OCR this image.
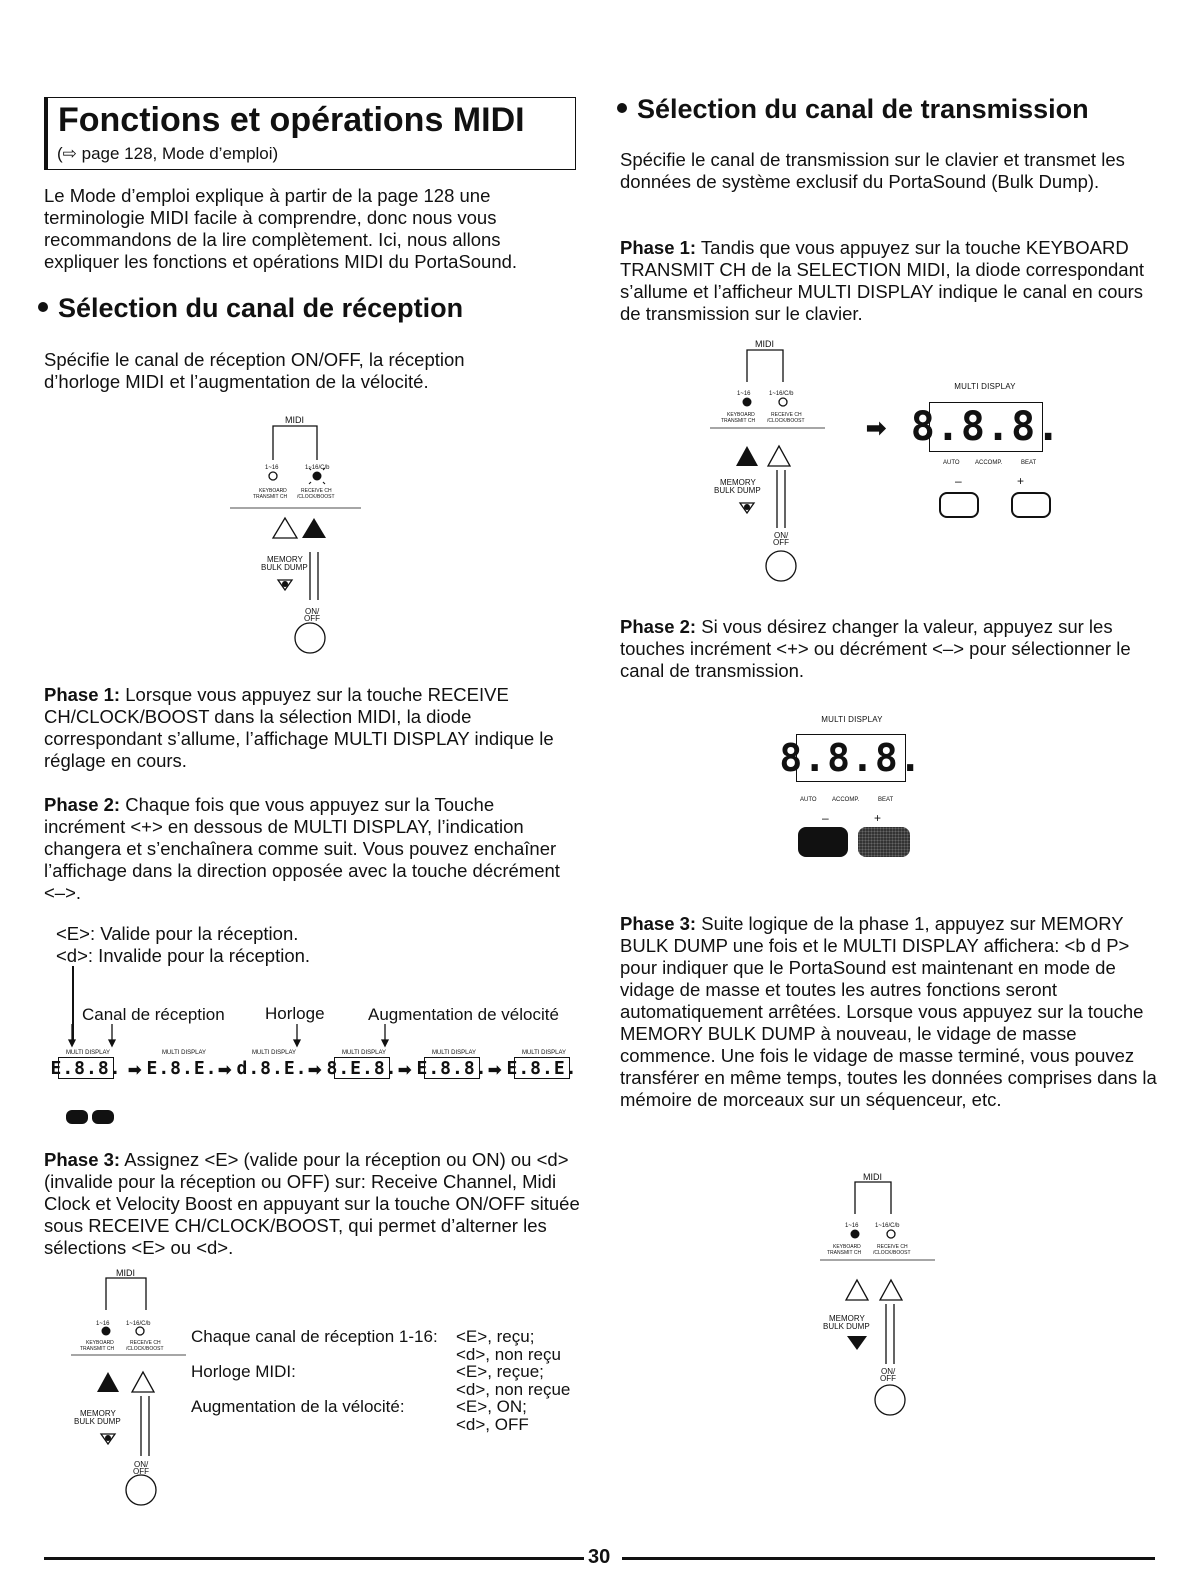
Fonctions et opérations MIDI
(⇨ page 128, Mode d’emploi)
Le Mode d’emploi explique à partir de la page 128 une terminologie MIDI facile à comprendre, donc nous vous recommandons de la lire complètement. Ici, nous allons expliquer les fonctions et opérations MIDI du PortaSound.
Sélection du canal de réception
Spécifie le canal de réception ON/OFF, la réception d’horloge MIDI et l’augmentation de la vélocité.
MIDI
1~16	1~16/C/b
KEYBOARD
TRANSMIT CH
RECEIVE CH
/CLOCK/BOOST
MEMORY
BULK DUMP
ON/
OFF
Phase 1: Lorsque vous appuyez sur la touche RECEIVE CH/CLOCK/BOOST dans la sélection MIDI, la diode correspondant s’allume, l’affichage MULTI DISPLAY indique le réglage en cours.
Phase 2: Chaque fois que vous appuyez sur la Touche incrément <+> en dessous de MULTI DISPLAY, l’indication changera et s’enchaînera comme suit. Vous pouvez enchaîner l’affichage dans la direction opposée avec la touche décrément <–>.
<E>: Valide pour la réception.
<d>: Invalide pour la réception.
Canal de réception Horloge	Augmentation de vélocité
MULTI DISPLAY
E.8.8. ➡
MULTI DISPLAY
E.8.E. ➡
MULTI DISPLAY
d.8.E. ➡
MULTI DISPLAY
8.E.8. ➡
MULTI DISPLAY
E.8.8. ➡
MULTI DISPLAY
E.8.E.
Phase 3: Assignez <E> (valide pour la réception ou ON) ou <d> (invalide pour la réception ou OFF) sur: Receive Channel, Midi Clock et Velocity Boost en appuyant sur la touche ON/OFF située sous RECEIVE CH/CLOCK/BOOST, qui permet d’alterner les sélections <E> ou <d>.
MIDI
1~16	1~16/C/b
KEYBOARD
TRANSMIT CH
RECEIVE CH
/CLOCK/BOOST
MEMORY
BULK DUMP
ON/
OFF
Chaque canal de réception 1-16: <E>, reçu;
<d>, non reçu
Horloge MIDI:	<E>, reçue;
<d>, non reçue
Augmentation de la vélocité:	<E>, ON;
<d>, OFF
Sélection du canal de transmission
Spécifie le canal de transmission sur le clavier et transmet les données de système exclusif du PortaSound (Bulk Dump).
Phase 1: Tandis que vous appuyez sur la touche KEYBOARD TRANSMIT CH de la SELECTION MIDI, la diode correspondant s’allume et l’afficheur MULTI DISPLAY indique le canal en cours de transmission sur le clavier.
MIDI
1~16	1~16/C/b
KEYBOARD
TRANSMIT CH
RECEIVE CH
/CLOCK/BOOST
MEMORY
BULK DUMP
ON/
OFF
➡
MULTI DISPLAY
8.8.8.
AUTO	ACCOMP.	BEAT
–	+
Phase 2: Si vous désirez changer la valeur, appuyez sur les touches incrément <+> ou décrément <–> pour sélectionner le canal de transmission.
MULTI DISPLAY
8.8.8.
AUTO	ACCOMP.	BEAT
–	+
Phase 3: Suite logique de la phase 1, appuyez sur MEMORY BULK DUMP une fois et le MULTI DISPLAY affichera: <b d P> pour indiquer que le PortaSound est maintenant en mode de vidage de masse et toutes les autres fonctions seront automatiquement arrêtées. Lorsque vous appuyez sur la touche MEMORY BULK DUMP à nouveau, le vidage de masse commence. Une fois le vidage de masse terminé, vous pouvez transférer en même temps, toutes les données comprises dans la mémoire de morceaux sur un séquenceur, etc.
MIDI
1~16	1~16/C/b
KEYBOARD
TRANSMIT CH
RECEIVE CH
/CLOCK/BOOST
MEMORY
BULK DUMP
ON/
OFF
30
